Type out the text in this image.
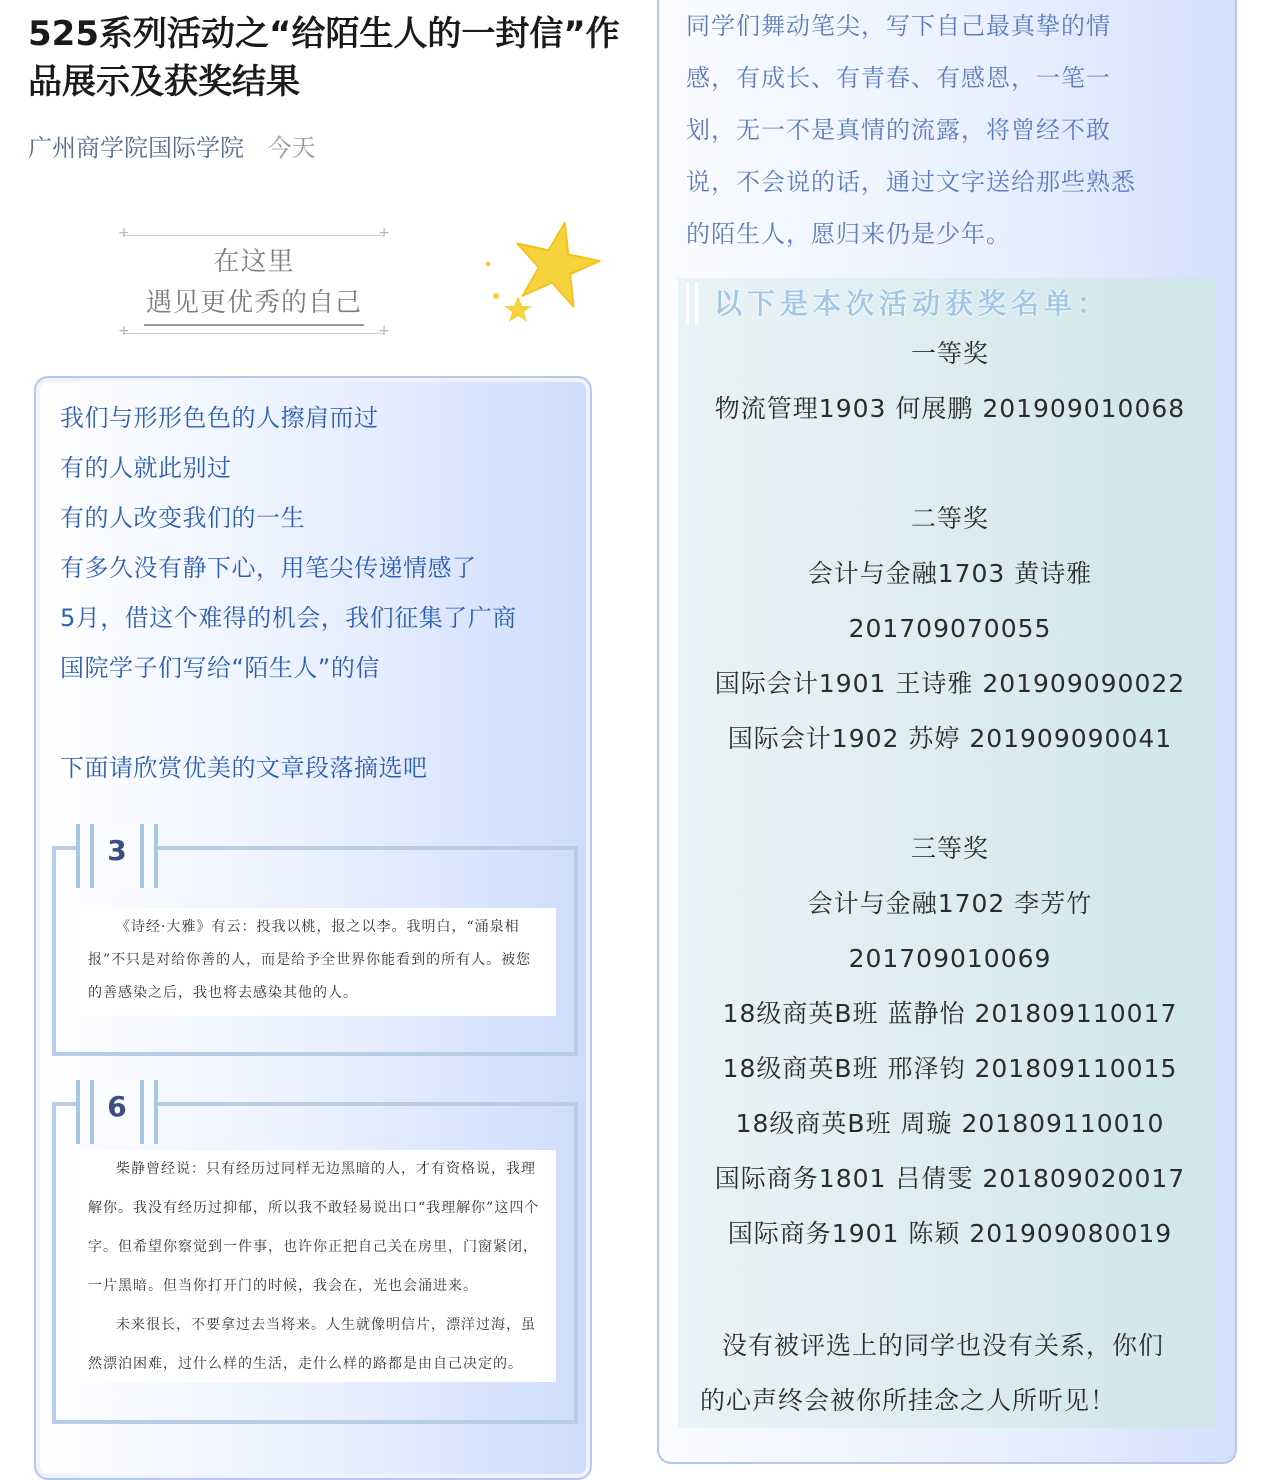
525系列活动之“给陌生人的一封信”作品展示及获奖结果
广州商学院国际学院 今天
+	+
在这里
遇见更优秀的自己
+	+

我们与形形色色的人擦肩而过

有的人就此别过

有的人改变我们的一生

有多久没有静下心，用笔尖传递情感了

5月，借这个难得的机会，我们征集了广商

国院学子们写给“陌生人”的信

下面请欣赏优美的文章段落摘选吧

3

《诗经·大雅》有云：投我以桃，报之以李。我明白，“涌泉相报”不只是对给你善的人，而是给予全世界你能看到的所有人。被您的善感染之后，我也将去感染其他的人。

6

柴静曾经说：只有经历过同样无边黑暗的人，才有资格说，我理解你。我没有经历过抑郁，所以我不敢轻易说出口“我理解你”这四个字。但希望你察觉到一件事，也许你正把自己关在房里，门窗紧闭，一片黑暗。但当你打开门的时候，我会在，光也会涌进来。

未来很长，不要拿过去当将来。人生就像明信片，漂洋过海，虽然漂泊困难，过什么样的生活，走什么样的路都是由自己决定的。

同学们舞动笔尖，写下自己最真挚的情

感，有成长、有青春、有感恩，一笔一

划，无一不是真情的流露，将曾经不敢

说，不会说的话，通过文字送给那些熟悉

的陌生人，愿归来仍是少年。

以下是本次活动获奖名单：
一等奖
物流管理1903 何展鹏 201909010068
二等奖
会计与金融1703 黄诗雅
201709070055
国际会计1901 王诗雅 201909090022
国际会计1902 苏婷 201909090041
三等奖
会计与金融1702 李芳竹
201709010069
18级商英B班 蓝静怡 201809110017
18级商英B班 邢泽钧 201809110015
18级商英B班 周璇 201809110010
国际商务1801 吕倩雯 201809020017
国际商务1901 陈颖 201909080019

没有被评选上的同学也没有关系，你们

的心声终会被你所挂念之人所听见！
